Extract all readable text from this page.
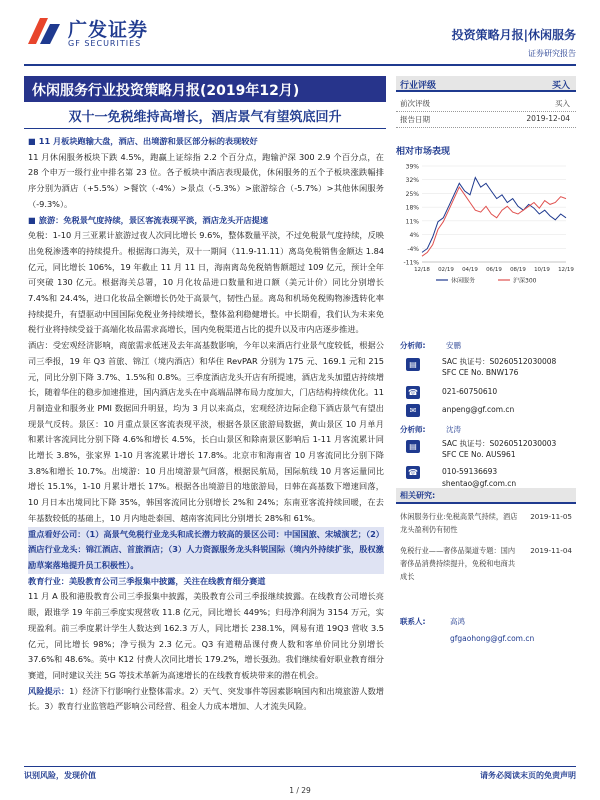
广发证券
GF SECURITIES
投资策略月报|休闲服务
证券研究报告
休闲服务行业投资策略月报(2019年12月)
双十一免税维持高增长，酒店景气有望筑底回升

■ 11 月板块跑输大盘，酒店、出境游和景区部分标的表现较好

11 月休闲服务板块下跌 4.5%，跑赢上证综指 2.2 个百分点，跑输沪深 300 2.9 个百分点，在 28 个申万一级行业中排名第 23 位。各子板块中酒店表现最优，休闲服务的五个子板块涨跌幅排序分别为酒店（+5.5%）>餐饮（-4%）>景点（-5.3%）>旅游综合（-5.7%）>其他休闲服务（-9.3%）。

■ 旅游：免税景气度持续，景区客流表现平淡，酒店龙头开店提速

免税：1-10 月三亚累计旅游过夜人次同比增长 9.6%，整体数量平淡，不过免税景气度持续，反映出免税渗透率的持续提升。根据海口海关，双十一期间（11.9-11.11）离岛免税销售金额达 1.84 亿元，同比增长 106%，19 年截止 11 月 11 日，海南离岛免税销售额超过 109 亿元，预计全年可突破 130 亿元。根据海关总署，10 月化妆品进口数量和进口额（美元计价）同比分别增长 7.4%和 24.4%，进口化妆品全额增长仍处于高景气，韧性凸显。离岛和机场免税购物渗透转化率持续提升，有望驱动中国国际免税业务持续增长，整体盈利稳健增长。中长期看，我们认为未来免税行业将持续受益于高端化妆品需求高增长，国内免税渠道占比的提升以及市内店逐步推进。

酒店：受宏观经济影响，商旅需求低迷及去年高基数影响，今年以来酒店行业景气度较低，根据公司三季报，19 年 Q3 首旅、锦江（境内酒店）和华住 RevPAR 分别为 175 元、169.1 元和 215 元，同比分别下降 3.7%、1.5%和 0.8%。三季度酒店龙头开店有所提速，酒店龙头加盟店持续增长，随着华住的稳步加速推进，国内酒店龙头在中高端品牌布局力度加大，门店结构持续优化。11 月制造业和服务业 PMI 数据回升明显，均为 3 月以来高点，宏观经济边际企稳下酒店景气有望出现景气反转。景区：10 月重点景区客流表现平淡，根据各景区旅游局数据，黄山景区 10 月单月和累计客流同比分别下降 4.6%和增长 4.5%，长白山景区和除南景区影响后 1-11 月客流累计同比增长 3.8%，张家界 1-10 月客流累计增长 17.8%。北京市和海南省 10 月客流同比分别下降 3.8%和增长 10.7%。出境游：10 月出境游景气回落，根据民航局，国际航线 10 月客运量同比增长 15.1%，1-10 月累计增长 17%。根据各出境游目的地旅游局，日韩在高基数下增速回落，10 月日本出境同比下降 35%，韩国客流同比分别增长 2%和 24%；东南亚客流持续回暖，在去年基数较低的基础上，10 月内地赴泰国、越南客流同比分别增长 28%和 61%。

重点看好公司：（1）高景气免税行业龙头和成长潜力较高的景区公司：中国国旅、宋城演艺；（2）酒店行业龙头：锦江酒店、首旅酒店；（3）人力资源服务龙头科锐国际（境内外持续扩张，股权激励草案落地提升员工积极性）。

教育行业：美股教育公司三季报集中披露，关注在线教育细分赛道

11 月 A 股和港股教育公司三季报集中披露，美股教育公司三季报继续披露。在线教育公司增长亮眼，跟谁学 19 年前三季度实现营收 11.8 亿元，同比增长 449%；归母净利润为 3154 万元，实现盈利。前三季度累计学生人数达到 162.3 万人，同比增长 238.1%，网易有道 19Q3 营收 3.5 亿元，同比增长 98%；净亏损为 2.3 亿元。Q3 有道精品课付费人数和客单价同比分别增长 37.6%和 48.6%。英中 K12 付费人次同比增长 179.2%，增长强劲。我们继续看好职业教育细分赛道，同时建议关注 5G 等技术革新为高速增长的在线教育板块带来的潜在机会。

风险提示：1）经济下行影响行业整体需求。2）天气、突发事件等因素影响国内和出境旅游人数增长。3）教育行业监管趋严影响公司经营、租金人力成本增加、人才流失风险。

行业评级	买入
前次评级	买入
报告日期	2019-12-04
相对市场表现
39%
32%
25%
18%
11%
4%
-4%
-11%
12/18 02/19 04/19 06/19 08/19 10/19 12/19
休闲服务	沪深300
分析师:	安鹏
▤	SAC 执证号：S0260512030008
SFC CE No. BNW176
☎	021-60750610
✉	anpeng@gf.com.cn
分析师:	沈涛
▤	SAC 执证号：S0260512030003
SFC CE No. AUS961
☎	010-59136693
shentao@gf.com.cn
相关研究:
休闲服务行业:免税高景气持续，酒店龙头盈利仍有韧性
2019-11-05
免税行业——奢侈品渠道专题：国内奢侈品消费持续提升，免税和电商共成长
2019-11-04
联系人:	高鸿
gfgaohong@gf.com.cn
识别风险，发现价值	请务必阅读末页的免责声明
1 / 29
